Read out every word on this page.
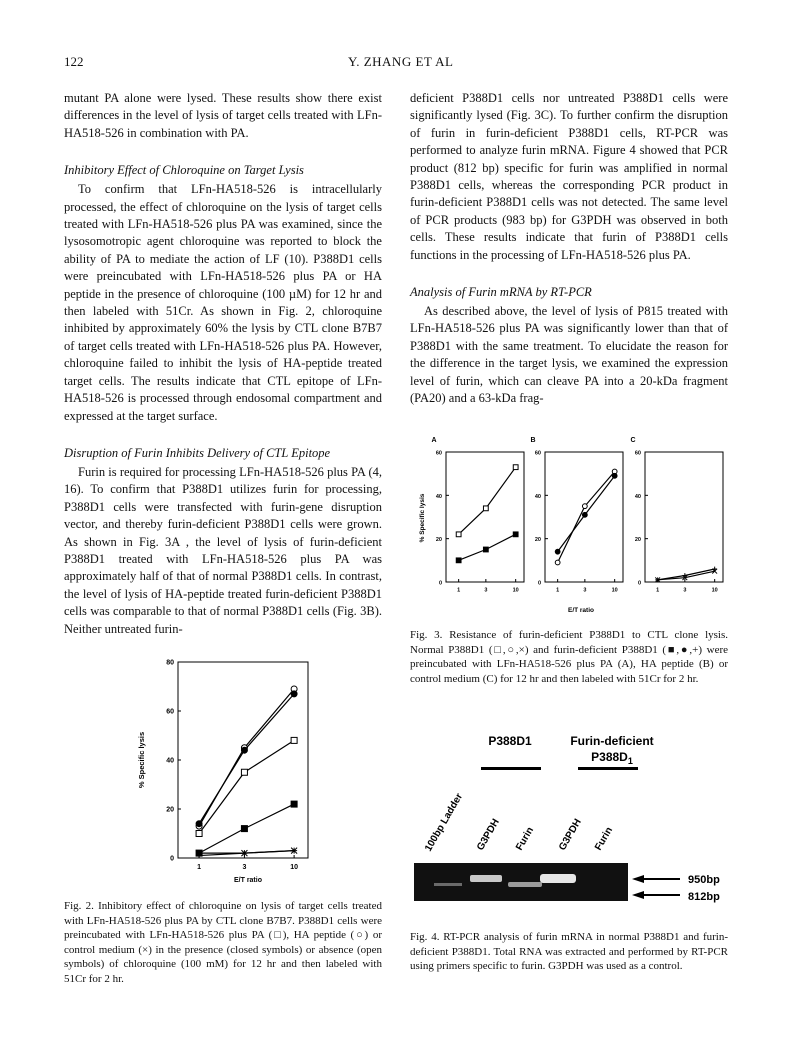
122	Y. ZHANG ET AL

mutant PA alone were lysed. These results show there exist differences in the level of lysis of target cells treated with LFn-HA518-526 in combination with PA.

Inhibitory Effect of Chloroquine on Target Lysis

To confirm that LFn-HA518-526 is intracellularly processed, the effect of chloroquine on the lysis of target cells treated with LFn-HA518-526 plus PA was examined, since the lysosomotropic agent chloroquine was reported to block the ability of PA to mediate the action of LF (10). P388D1 cells were preincubated with LFn-HA518-526 plus PA or HA peptide in the presence of chloroquine (100 µM) for 12 hr and then labeled with 51Cr. As shown in Fig. 2, chloroquine inhibited by approximately 60% the lysis by CTL clone B7B7 of target cells treated with LFn-HA518-526 plus PA. However, chloroquine failed to inhibit the lysis of HA-peptide treated target cells. The results indicate that CTL epitope of LFn-HA518-526 is processed through endosomal compartment and expressed at the target surface.

Disruption of Furin Inhibits Delivery of CTL Epitope

Furin is required for processing LFn-HA518-526 plus PA (4, 16). To confirm that P388D1 utilizes furin for processing, P388D1 cells were transfected with furin-gene disruption vector, and thereby furin-deficient P388D1 cells were grown. As shown in Fig. 3A , the level of lysis of furin-deficient P388D1 treated with LFn-HA518-526 plus PA was approximately half of that of normal P388D1 cells. In contrast, the level of lysis of HA-peptide treated furin-deficient P388D1 cells was comparable to that of normal P388D1 cells (Fig. 3B). Neither untreated furin-

deficient P388D1 cells nor untreated P388D1 cells were significantly lysed (Fig. 3C). To further confirm the disruption of furin in furin-deficient P388D1 cells, RT-PCR was performed to analyze furin mRNA. Figure 4 showed that PCR product (812 bp) specific for furin was amplified in normal P388D1 cells, whereas the corresponding PCR product in furin-deficient P388D1 cells was not detected. The same level of PCR products (983 bp) for G3PDH was observed in both cells. These results indicate that furin of P388D1 cells functions in the processing of LFn-HA518-526 plus PA.

Analysis of Furin mRNA by RT-PCR

As described above, the level of lysis of P815 treated with LFn-HA518-526 plus PA was significantly lower than that of P388D1 with the same treatment. To elucidate the reason for the difference in the target lysis, we examined the expression level of furin, which can cleave PA into a 20-kDa fragment (PA20) and a 63-kDa frag-

% Specific lysis
E/T ratio
0
20
40
60
1	3	10
A
0
20
40
60
1	3	10
B
0
20
40
60
1	3	10
C
Fig. 3. Resistance of furin-deficient P388D1 to CTL clone lysis. Normal P388D1 (□,○,×) and furin-deficient P388D1 (■,●,+) were preincubated with LFn-HA518-526 plus PA (A), HA peptide (B) or control medium (C) for 12 hr and then labeled with 51Cr for 2 hr.
% Specific lysis
E/T ratio
0
20
40
60
80
1	3	10
Fig. 2. Inhibitory effect of chloroquine on lysis of target cells treated with LFn-HA518-526 plus PA by CTL clone B7B7. P388D1 cells were preincubated with LFn-HA518-526 plus PA (□), HA peptide (○) or control medium (×) in the presence (closed symbols) or absence (open symbols) of chloroquine (100 mM) for 12 hr and then labeled with 51Cr for 2 hr.
P388D1	Furin-deficient
$P388D_1$
100bp Ladder G3PDH Furin G3PDH Furin
950bp
812bp
Fig. 4. RT-PCR analysis of furin mRNA in normal P388D1 and furin-deficient P388D1. Total RNA was extracted and performed by RT-PCR using primers specific to furin. G3PDH was used as a control.
